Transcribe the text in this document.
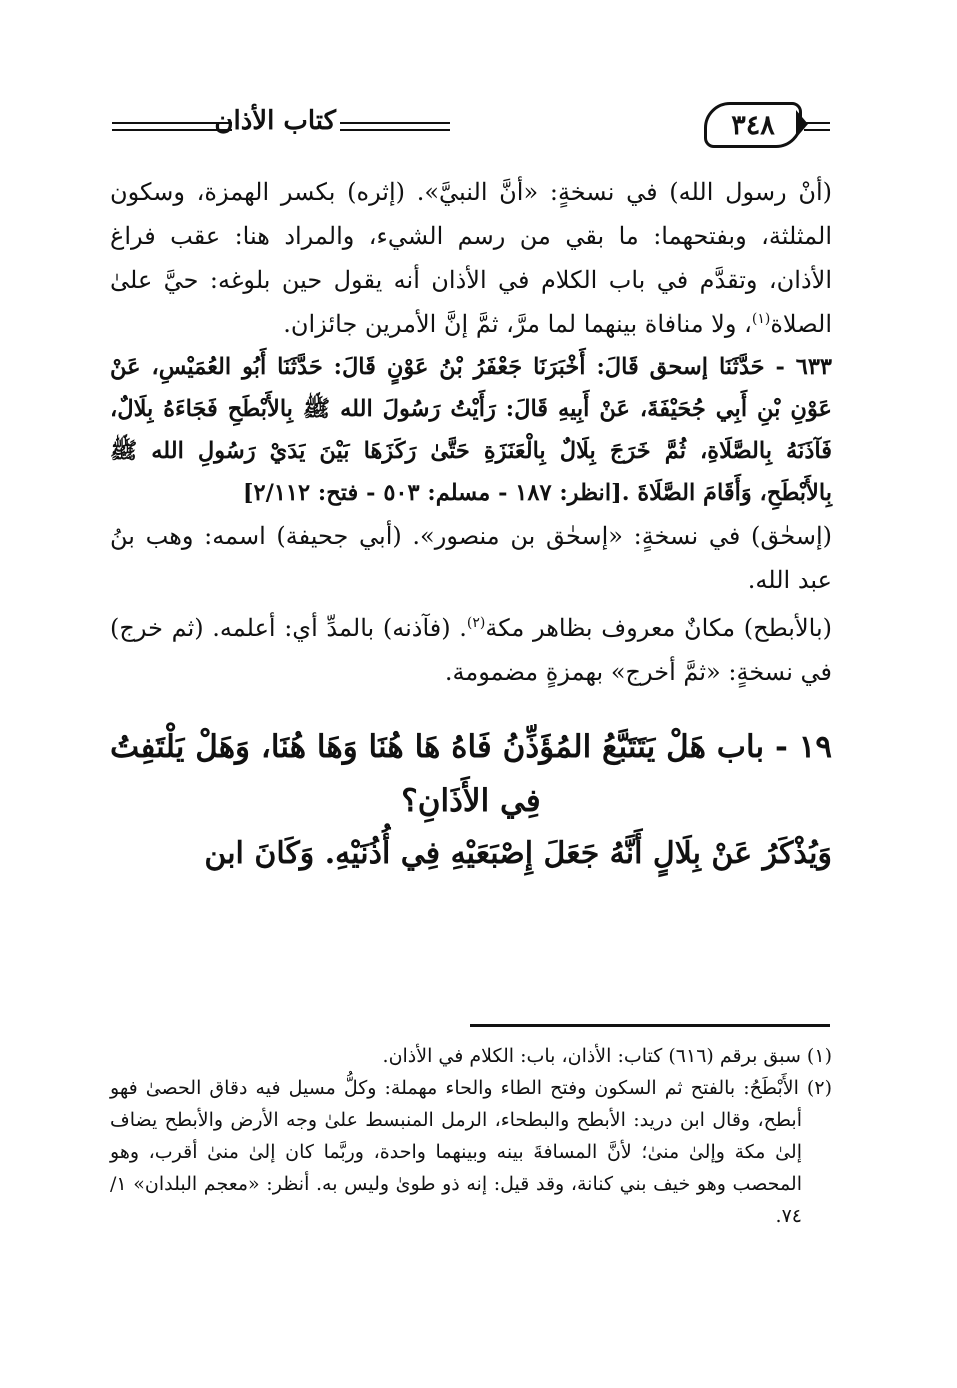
كتاب الأذان	٣٤٨

(أنْ رسول الله) في نسخةٍ: «أنَّ النبيَّ». (إثره) بكسر الهمزة، وسكون المثلثة، وبفتحهما: ما بقي من رسم الشيء، والمراد هنا: عقب فراغ الأذان، وتقدَّم في باب الكلام في الأذان أنه يقول حين بلوغه: حيَّ علىٰ الصلاة$^{(١)}$، ولا منافاة بينهما لما مرَّ، ثمَّ إنَّ الأمرين جائزان.

٦٣٣ - حَدَّثَنَا إسحق قَالَ: أَخْبَرَنَا جَعْفَرُ بْنُ عَوْنٍ قَالَ: حَدَّثَنَا أَبُو العُمَيْسِ، عَنْ عَوْنِ بْنِ أَبِي جُحَيْفَةَ، عَنْ أَبِيهِ قَالَ: رَأَيْتُ رَسُولَ الله ﷺ بِالأَبْطَحِ فَجَاءَهُ بِلَالٌ، فَآذَنَهُ بِالصَّلَاةِ، ثُمَّ خَرَجَ بِلَالٌ بِالْعَنَزَةِ حَتَّىٰ رَكَزَهَا بَيْنَ يَدَيْ رَسُولِ الله ﷺ بِالأَبْطَحِ، وَأَقَامَ الصَّلَاةَ .[انظر: ١٨٧ - مسلم: ٥٠٣ - فتح: ٢/١١٢]

(إسحٰق) في نسخةٍ: «إسحٰق بن منصور». (أبي جحيفة) اسمه: وهب بنُ عبد الله.

(بالأبطح) مكانٌ معروف بظاهر مكة$^{(٢)}$. (فآذنه) بالمدِّ أي: أعلمه. (ثم خرج) في نسخةٍ: «ثمَّ أخرج» بهمزةٍ مضمومة.

١٩ - باب هَلْ يَتَتَبَّعُ المُؤَذِّنُ فَاهُ هَا هُنَا وَهَا هُنَا، وَهَلْ يَلْتَفِتُ فِي الأَذَانِ؟

وَيُذْكَرُ عَنْ بِلَالٍ أَنَّهُ جَعَلَ إِصْبَعَيْهِ فِي أُذُنَيْهِ. وَكَانَ ابن

(١) سبق برقم (٦١٦) كتاب: الأذان، باب: الكلام في الأذان.

(٢) الأَبْطَحُ: بالفتح ثم السكون وفتح الطاء والحاء مهملة: وكلُّ مسيل فيه دقاق الحصىٰ فهو أبطح، وقال ابن دريد: الأبطح والبطحاء، الرمل المنبسط علىٰ وجه الأرض والأبطح يضاف إلىٰ مكة وإلىٰ منىٰ؛ لأنَّ المسافةَ بينه وبينهما واحدة، وربَّما كان إلىٰ منىٰ أقرب، وهو المحصب وهو خيف بني كنانة، وقد قيل: إنه ذو طوىٰ وليس به. أنظر: «معجم البلدان» ١/ ٧٤.
